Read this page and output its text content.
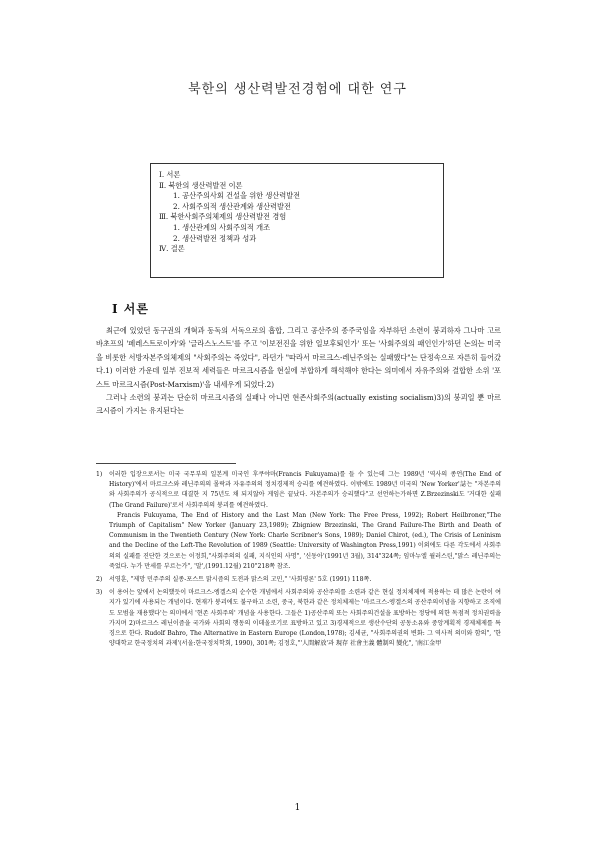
북한의 생산력발전경험에 대한 연구
Ⅰ. 서론
Ⅱ. 북한의 생산력발전 이론
1. 공산주의사회 건설을 위한 생산력발전
2. 사회주의적 생산관계와 생산력발전
Ⅲ. 북한사회주의체제의 생산력발전 경험
1. 생산관계의 사회주의적 개조
2. 생산력발전 정책과 성과
Ⅳ. 결론
Ⅰ 서론

최근에 있었던 동구권의 개혁과 동독의 서독으로의 흡합, 그리고 공산주의 종주국임을 자부하던 소련이 붕괴하자 그나마 고르바초프의 '페레스트로이카'와 '글라스노스트'를 주고 '이보전진을 위한 일보후퇴인가' 또는 '사회주의의 패인인가'하던 논의는 미국을 비롯한 서방자본주의체제의 "사회주의는 죽었다", 라던가 "따라서 마르크스-레닌주의는 실패했다"는 단정속으로 자른히 들어갔다.1) 이러한 가운데 일부 진보적 세력들은 마르크시즘을 현실에 부합하게 해석해야 한다는 의미에서 자유주의와 결합한 소위 '포스트 마르크시즘(Post-Marxism)'을 내세우게 되었다.2)

그러나 소련의 붕괴는 단순히 마르크시즘의 실패나 아니면 현존사회주의(actually existing socialism)3)의 붕괴일 뿐 마르크시즘이 가지는 유지된다는

1) 이러한 입장으로서는 미국 국무부의 일본계 미국인 후쿠야마(Francis Fukuyama)를 들 수 있는데 그는 1989년 '역사의 종언(The End of History)'에서 마르크스와 레닌주의의 몰락과 자유주의의 정치경제적 승리를 예견하였다. 이밖에도 1989년 미국의 'New Yorker'誌는 "자본주의와 사회주의가 공식적으로 대결한 지 75년도 채 되지않아 게임은 끝났다. 자본주의가 승리했다"고 선언하는가하면 Z.Brzezinski도 '거대한 실패(The Grand Failure)'로서 사회주의의 붕괴를 예견하였다.

Francis Fukuyama, The End of History and the Last Man (New York: The Free Press, 1992); Robert Heilbroner,"The Triumph of Capitalism" New Yorker (January 23,1989); Zbigniew Brzezinski, The Grand Failure-The Birth and Death of Communism in the Twentieth Century (New York: Charle Scribner's Sons, 1989); Daniel Chirot, (ed.), The Crisis of Leninism and the Decline of the Left-The Revolution of 1989 (Seattle: University of Washington Press,1991) 이외에도 다른 각도에서 사회주의의 실패를 진단한 것으로는 이정희,"사회주의의 실패, 지식인의 사명", '신동아'(1991년 3월), 314"324쪽; 임마누엘 윌러스틴,"맑스 레닌주의는 죽었다. 누가 만세를 부르는가", '말',(1991.12월) 210"218쪽 참조.

2) 서영훈, "제망 민주주의 실종-포스트 맑시즘의 도전과 맑스의 고민," '사회평론' 5호 (1991) 118쪽.

3) 이 용어는 앞에서 논의했듯이 마르크스-엥겔스의 순수한 개념에서 사회주의와 공산주의를 소련과 같은 현실 정치체제에 적용하는 데 많은 논란이 여지가 있기에 사용되는 개념이다. 현재가 붕괴에도 불구하고 소련, 중국, 북한과 같은 정치체제는 '마르크스-엥겔스의 공산주의이념을 지향하고 조직에도 모범을 재용했다'는 의미에서 '현존 사회주의' 개념을 사용한다. 그들은 1)공산주의 또는 사회주의건설을 표방하는 정당에 의한 독점적 정치권력을 가지며 2)마르크스 레닌이즘을 국가와 사회의 행동의 이데올로기로 표방하고 있고 3)경제적으로 생산수단의 공동소유와 중앙계획적 경제체제를 특징으로 한다. Rudolf Bahro, The Alternative in Eastern Europe (London,1978); 김세균, "사회주의권의 변화: 그 역사적 의미와 함의", '한양대학교 한국정치의 과제'(서울:한국정치학회, 1990), 301쪽; 김정호,"'人間解放'과 現存 社會主義 體制의 變化", '南江金甲

1
